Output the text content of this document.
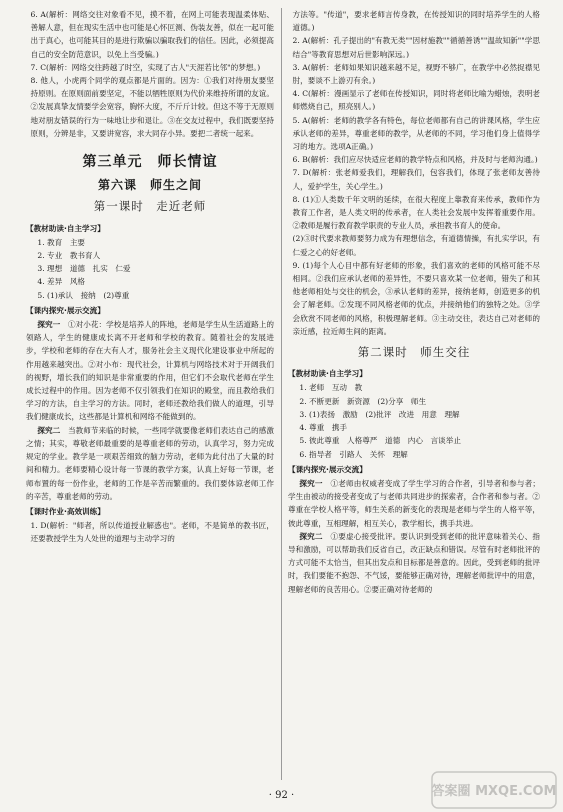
6. A(解析：网络交往对象看不见，摸不着，在网上可能表现温柔体贴、善解人意，但在现实生活中也可能是心怀叵测、伪装友善，似在一起可能出于真心，也可能其目的是进行欺骗以骗取我们的信任。因此，必须提高自己的安全防范意识，以免上当受骗。)

7. C(解析：网络交往跨越了时空，实现了古人"天涯若比邻"的梦想。)

8. 他人，小虎两个同学的观点都是片面的。因为：①我们对待朋友要坚持原则。在原则面前要坚定，不能以牺牲原则为代价来维持所谓的友谊。②发展真挚友情要学会宽容，胸怀大度，不斤斤计较。但这不等于无原则地对朋友错误的行为一味地让步和退让。③在交友过程中，我们既要坚持原则，分辨是非，又要讲宽容，求大同存小异。要把二者统一起来。

第三单元　师长情谊
第六课　师生之间
第一课时　走近老师
【教材助读·自主学习】

1. 教育　主要

2. 专业　教书育人

3. 理想　道德　扎实　仁爱

4. 差异　风格

5. (1)承认　接纳　(2)尊重

【课内探究·展示交流】

探究一　 ①对小花：学校是培养人的阵地，老师是学生从生活道路上的领路人，学生的健康成长离不开老师和学校的教育。随着社会的发展进步，学校和老师的存在大有人才，服务社会主义现代化建设事业中所起的作用越来越突出。②对小布：现代社会，计算机与网络技术对于开阔我们的视野，增长我们的知识是非常重要的作用，但它们不会取代老师在学生成长过程中的作用。因为老师不仅引领我们在知识的殿堂，而且教给我们学习的方法，自主学习的方法。同时，老师还教给我们做人的道理，引导我们健康成长，这些都是计算机和网络不能做到的。

探究二　 当教师节来临的时候，一些同学就要像老师们表达自己的感激之情；其实，尊敬老师最重要的是尊重老师的劳动，认真学习，努力完成规定的学业。教学是一项艰苦细致的脑力劳动，老师为此付出了大量的时间和精力。老师要精心设计每一节课的教学方案，认真上好每一节课，老师布置的每一份作业，老师的工作是辛苦而繁重的。我们要体谅老师工作的辛苦，尊重老师的劳动。

【课时作业·高效训练】

1. D(解析："师者，所以传道授业解惑也"。老师，不是简单的教书匠，还要教授学生为人处世的道理与主动学习的

方法等。"传道"，要求老师言传身教，在传授知识的同时培养学生的人格道德。)

2. A(解析：孔子提出的"有教无类""因材施教""循循善诱""温故知新""学思结合"等教育思想对后世影响深远。)

3. A(解析：老师如果知识越来越不足，视野不够广，在教学中必然捉襟见肘，要谈不上游刃有余。)

4. C(解析：漫画显示了老师在传授知识，同时将老师比喻为蜡烛，表明老师燃烧自己，照亮别人。)

5. A(解析：老师的教学各有特色，每位老师都有自己的讲课风格，学生应承认老师的差异，尊重老师的教学，从老师的不同，学习他们身上值得学习的地方。选项A正确。)

6. B(解析：我们应尽快适应老师的教学特点和风格，并及时与老师沟通。)

7. D(解析：张老师爱我们，理解我们，包容我们，体现了张老师友善待人，爱护学生，关心学生。)

8. (1)①人类数千年文明的延续，在很大程度上靠教育来传承，教师作为教育工作者，是人类文明的传承者，在人类社会发展中发挥着重要作用。②教师是履行教育教学职责的专业人员，承担教书育人的使命。

(2)③时代要求教师要努力成为有理想信念，有道德情操，有扎实学识，有仁爱之心的好老师。

9. (1)每个人心目中都有好老师的形象，我们喜欢的老师的风格可能不尽相同。②我们应承认老师的差异性，不要只喜欢某一位老师，错失了和其他老师相处与交往的机会，③承认老师的差异，接纳老师，创造更多的机会了解老师。②发现不同风格老师的优点，并接纳他们的独特之处。③学会欣赏不同老师的风格，积极理解老师。③主动交往，表达自己对老师的亲近感，拉近师生间的距离。

第二课时　师生交往
【教材助读·自主学习】

1. 老师　互动　教

2. 不断更新　新资源　(2)分享　师生

3. (1)表扬　激励　(2)批评　改进　用意　理解

4. 尊重　携手

5. 彼此尊重　人格尊严　道德　内心　言谈举止

6. 指导者　引路人　关怀　理解

【课内探究·展示交流】

探究一　 ①老师由权威者变成了学生学习的合作者，引导者和参与者；学生由被动的接受者变成了与老师共同进步的探索者，合作者和参与者。②尊重在学校人格平等，师生关系的新变化的表现是老师与学生的人格平等，彼此尊重，互相理解，相互关心，教学相长，携手共进。

探究二　 ①要虚心接受批评。要认识到受到老师的批评意味着关心、指导和激励，可以帮助我们反省自己，改正缺点和错误。尽管有时老师批评的方式可能不太恰当，但其出发点和目标都是善意的。因此，受到老师的批评时，我们要能不抱怨、不气馁，要能够正确对待，理解老师批评中的用意，理解老师的良苦用心。②要正确对待老师的

· 92 ·	答案圈 MXQE.COM
